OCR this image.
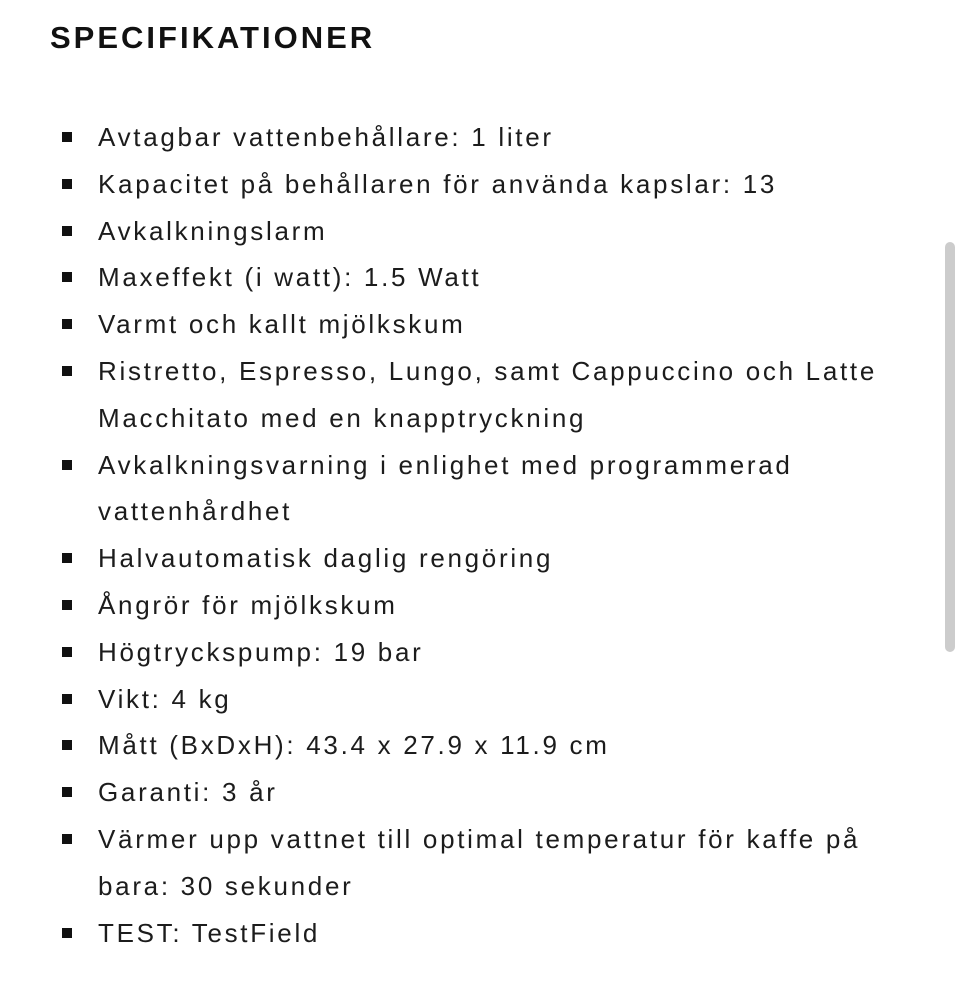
SPECIFIKATIONER
Avtagbar vattenbehållare: 1 liter
Kapacitet på behållaren för använda kapslar: 13
Avkalkningslarm
Maxeffekt (i watt): 1.5 Watt
Varmt och kallt mjölkskum
Ristretto, Espresso, Lungo, samt Cappuccino och Latte Macchitato med en knapptryckning
Avkalkningsvarning i enlighet med programmerad vattenhårdhet
Halvautomatisk daglig rengöring
Ångrör för mjölkskum
Högtryckspump: 19 bar
Vikt: 4 kg
Mått (BxDxH): 43.4 x 27.9 x 11.9 cm
Garanti: 3 år
Värmer upp vattnet till optimal temperatur för kaffe på bara: 30 sekunder
TEST: TestField
